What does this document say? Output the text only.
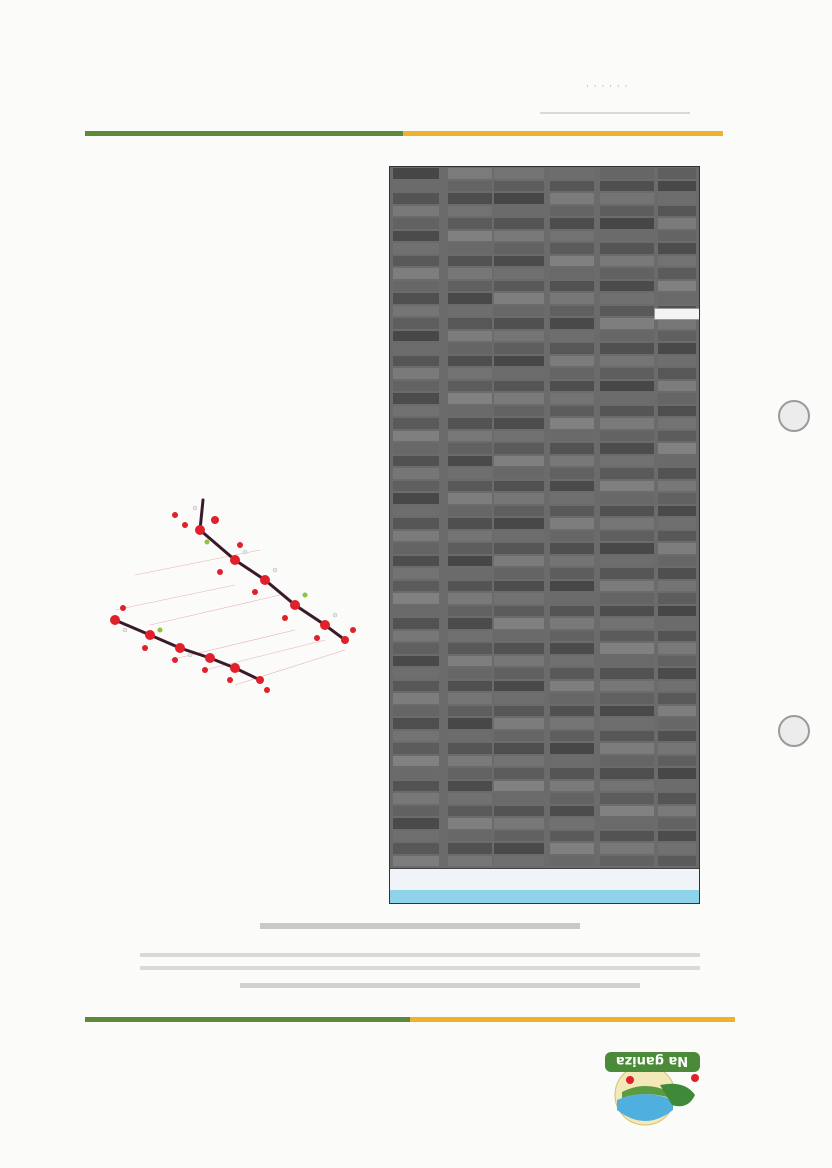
· · · · · ·
Na ganiza
